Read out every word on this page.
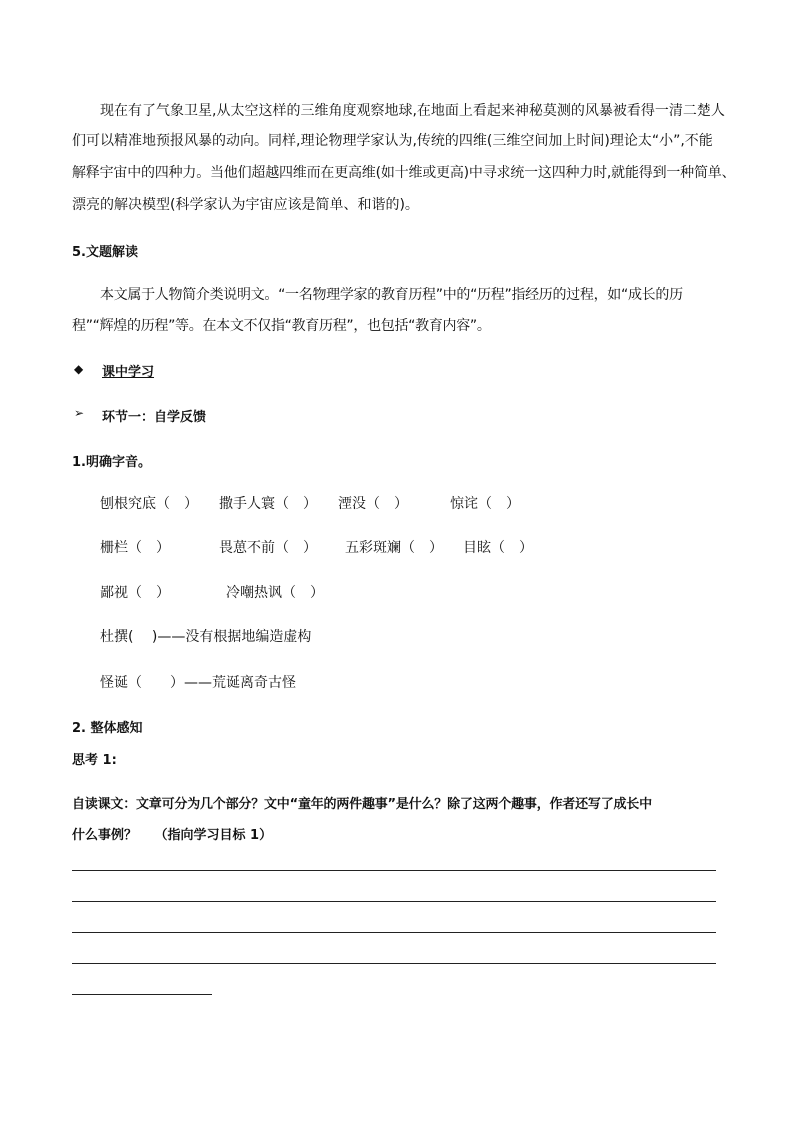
现在有了气象卫星,从太空这样的三维角度观察地球,在地面上看起来神秘莫测的风暴被看得一清二楚人
们可以精准地预报风暴的动向。同样,理论物理学家认为,传统的四维(三维空间加上时间)理论太“小”,不能
解释宇宙中的四种力。当他们超越四维而在更高维(如十维或更高)中寻求统一这四种力时,就能得到一种简单、
漂亮的解决模型(科学家认为宇宙应该是简单、和谐的)。
5.文题解读
本文属于人物简介类说明文。“一名物理学家的教育历程”中的“历程”指经历的过程，如“成长的历
程”“辉煌的历程”等。在本文不仅指“教育历程”，也包括“教育内容”。
◆ 课中学习
➢ 环节一：自学反馈
1.明确字音。
刨根究底（　） 撒手人寰（　） 湮没（　）	惊诧（　）
栅栏（　）	畏葸不前（　） 五彩斑斓（　） 目眩（　）
鄙视（　）	冷嘲热讽（　）
杜撰(　 )——没有根据地编造虚构
怪诞（　　）——荒诞离奇古怪
2. 整体感知
思考 1:
自读课文：文章可分为几个部分？文中“童年的两件趣事”是什么？除了这两个趣事，作者还写了成长中
什么事例？　 （指向学习目标 1）
